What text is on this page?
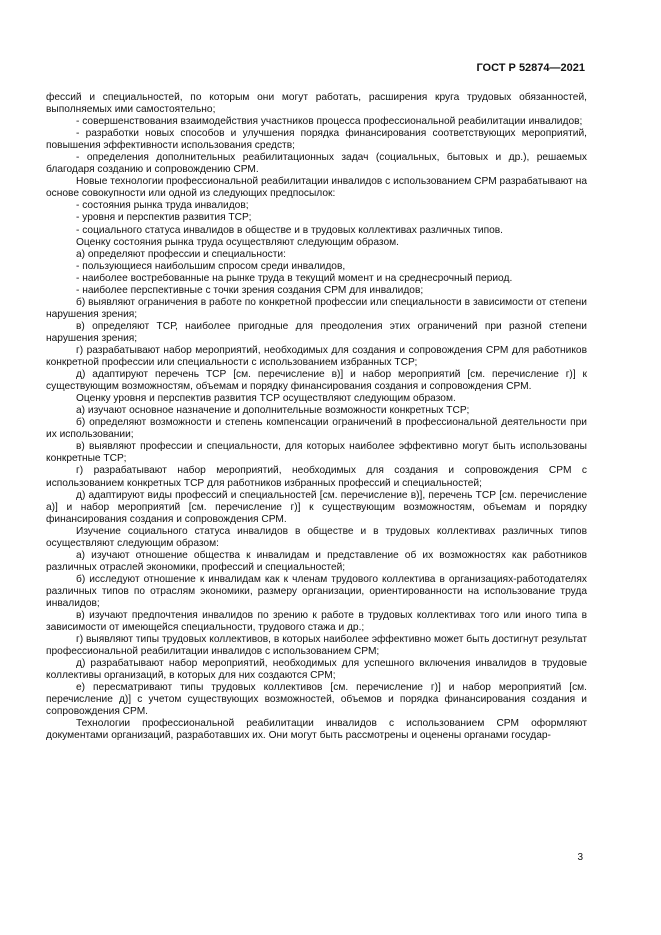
ГОСТ Р 52874—2021

фессий и специальностей, по которым они могут работать, расширения круга трудовых обязанностей, выполняемых ими самостоятельно;

- совершенствования взаимодействия участников процесса профессиональной реабилитации инвалидов;

- разработки новых способов и улучшения порядка финансирования соответствующих мероприятий, повышения эффективности использования средств;

- определения дополнительных реабилитационных задач (социальных, бытовых и др.), решаемых благодаря созданию и сопровождению СРМ.

Новые технологии профессиональной реабилитации инвалидов с использованием СРМ разрабатывают на основе совокупности или одной из следующих предпосылок:

- состояния рынка труда инвалидов;

- уровня и перспектив развития ТСР;

- социального статуса инвалидов в обществе и в трудовых коллективах различных типов.

Оценку состояния рынка труда осуществляют следующим образом.

а) определяют профессии и специальности:

- пользующиеся наибольшим спросом среди инвалидов,

- наиболее востребованные на рынке труда в текущий момент и на среднесрочный период.

- наиболее перспективные с точки зрения создания СРМ для инвалидов;

б) выявляют ограничения в работе по конкретной профессии или специальности в зависимости от степени нарушения зрения;

в) определяют ТСР, наиболее пригодные для преодоления этих ограничений при разной степени нарушения зрения;

г) разрабатывают набор мероприятий, необходимых для создания и сопровождения СРМ для работников конкретной профессии или специальности с использованием избранных ТСР;

д) адаптируют перечень ТСР [см. перечисление в)] и набор мероприятий [см. перечисление г)] к существующим возможностям, объемам и порядку финансирования создания и сопровождения СРМ.

Оценку уровня и перспектив развития ТСР осуществляют следующим образом.

а) изучают основное назначение и дополнительные возможности конкретных ТСР;

б) определяют возможности и степень компенсации ограничений в профессиональной деятельности при их использовании;

в) выявляют профессии и специальности, для которых наиболее эффективно могут быть использованы конкретные ТСР;

г) разрабатывают набор мероприятий, необходимых для создания и сопровождения СРМ с использованием конкретных ТСР для работников избранных профессий и специальностей;

д) адаптируют виды профессий и специальностей [см. перечисление в)], перечень ТСР [см. перечисление а)] и набор мероприятий [см. перечисление г)] к существующим возможностям, объемам и порядку финансирования создания и сопровождения СРМ.

Изучение социального статуса инвалидов в обществе и в трудовых коллективах различных типов осуществляют следующим образом:

а) изучают отношение общества к инвалидам и представление об их возможностях как работников различных отраслей экономики, профессий и специальностей;

б) исследуют отношение к инвалидам как к членам трудового коллектива в организациях-работодателях различных типов по отраслям экономики, размеру организации, ориентированности на использование труда инвалидов;

в) изучают предпочтения инвалидов по зрению к работе в трудовых коллективах того или иного типа в зависимости от имеющейся специальности, трудового стажа и др.;

г) выявляют типы трудовых коллективов, в которых наиболее эффективно может быть достигнут результат профессиональной реабилитации инвалидов с использованием СРМ;

д) разрабатывают набор мероприятий, необходимых для успешного включения инвалидов в трудовые коллективы организаций, в которых для них создаются СРМ;

е) пересматривают типы трудовых коллективов [см. перечисление г)] и набор мероприятий [см. перечисление д)] с учетом существующих возможностей, объемов и порядка финансирования создания и сопровождения СРМ.

Технологии профессиональной реабилитации инвалидов с использованием СРМ оформляют документами организаций, разработавших их. Они могут быть рассмотрены и оценены органами государ-

3
